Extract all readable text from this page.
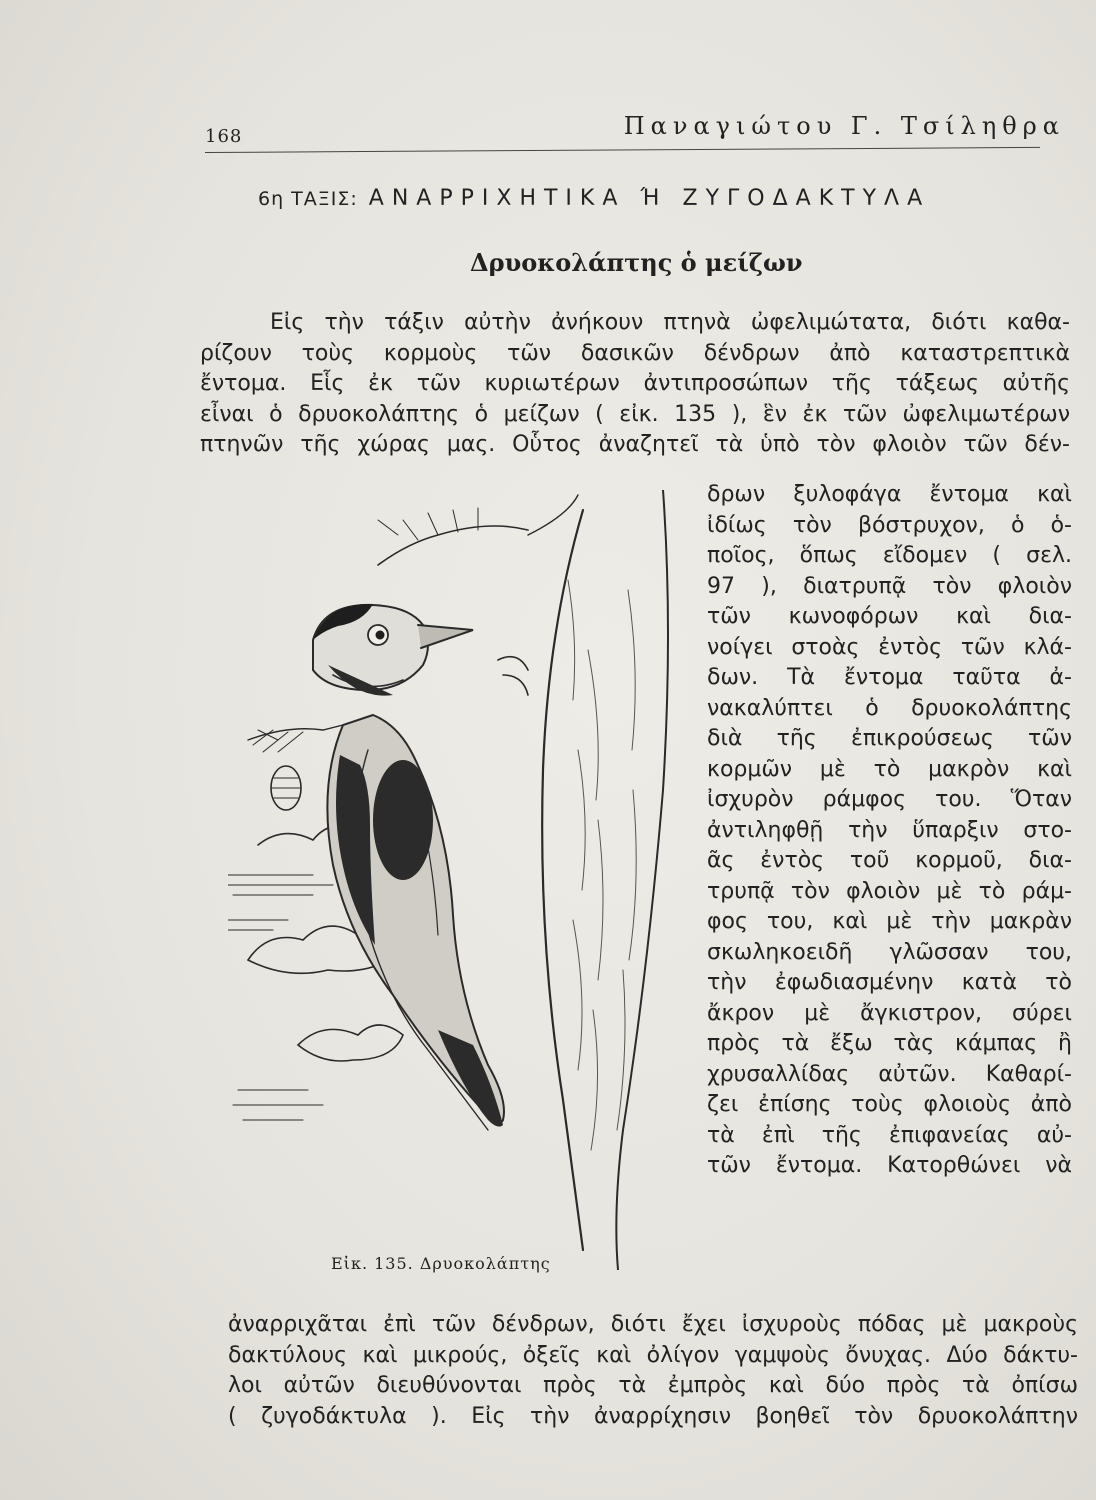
168	Παναγιώτου Γ. Τσίληθρα
6η ΤΑΞΙΣ: ΑΝΑΡΡΙΧΗΤΙΚΑ Ή ΖΥΓΟΔΑΚΤΥΛΑ
Δρυοκολάπτης ὁ μείζων
Εἰς τὴν τάξιν αὐτὴν ἀνήκουν πτηνὰ ὠφελιμώτατα, διότι καθα-
ρίζουν τοὺς κορμοὺς τῶν δασικῶν δένδρων ἀπὸ καταστρεπτικὰ
ἔντομα. Εἷς ἐκ τῶν κυριωτέρων ἀντιπροσώπων τῆς τάξεως αὐτῆς
εἶναι ὁ δρυοκολάπτης ὁ μείζων ( εἰκ. 135 ), ἓν ἐκ τῶν ὠφελιμωτέρων
πτηνῶν τῆς χώρας μας. Οὗτος ἀναζητεῖ τὰ ὑπὸ τὸν φλοιὸν τῶν δέν-
δρων ξυλοφάγα ἔντομα καὶ
ἰδίως τὸν βόστρυχον, ὁ ὁ-
ποῖος, ὅπως εἴδομεν ( σελ.
97 ), διατρυπᾷ τὸν φλοιὸν
τῶν κωνοφόρων καὶ δια-
νοίγει στοὰς ἐντὸς τῶν κλά-
δων. Τὰ ἔντομα ταῦτα ἀ-
νακαλύπτει ὁ δρυοκολάπτης
διὰ τῆς ἐπικρούσεως τῶν
κορμῶν μὲ τὸ μακρὸν καὶ
ἰσχυρὸν ράμφος του. Ὅταν
ἀντιληφθῇ τὴν ὕπαρξιν στο-
ᾶς ἐντὸς τοῦ κορμοῦ, δια-
τρυπᾷ τὸν φλοιὸν μὲ τὸ ράμ-
φος του, καὶ μὲ τὴν μακρὰν
σκωληκοειδῆ γλῶσσαν του,
τὴν ἐφωδιασμένην κατὰ τὸ
ἄκρον μὲ ἄγκιστρον, σύρει
πρὸς τὰ ἔξω τὰς κάμπας ἢ
χρυσαλλίδας αὐτῶν. Καθαρί-
ζει ἐπίσης τοὺς φλοιοὺς ἀπὸ
τὰ ἐπὶ τῆς ἐπιφανείας αὐ-
τῶν ἔντομα. Κατορθώνει νὰ
Εἰκ. 135. Δρυοκολάπτης
ἀναρριχᾶται ἐπὶ τῶν δένδρων, διότι ἔχει ἰσχυροὺς πόδας μὲ μακροὺς
δακτύλους καὶ μικρούς, ὀξεῖς καὶ ὀλίγον γαμψοὺς ὄνυχας. Δύο δάκτυ-
λοι αὐτῶν διευθύνονται πρὸς τὰ ἐμπρὸς καὶ δύο πρὸς τὰ ὀπίσω
( ζυγοδάκτυλα ). Εἰς τὴν ἀναρρίχησιν βοηθεῖ τὸν δρυοκολάπτην
